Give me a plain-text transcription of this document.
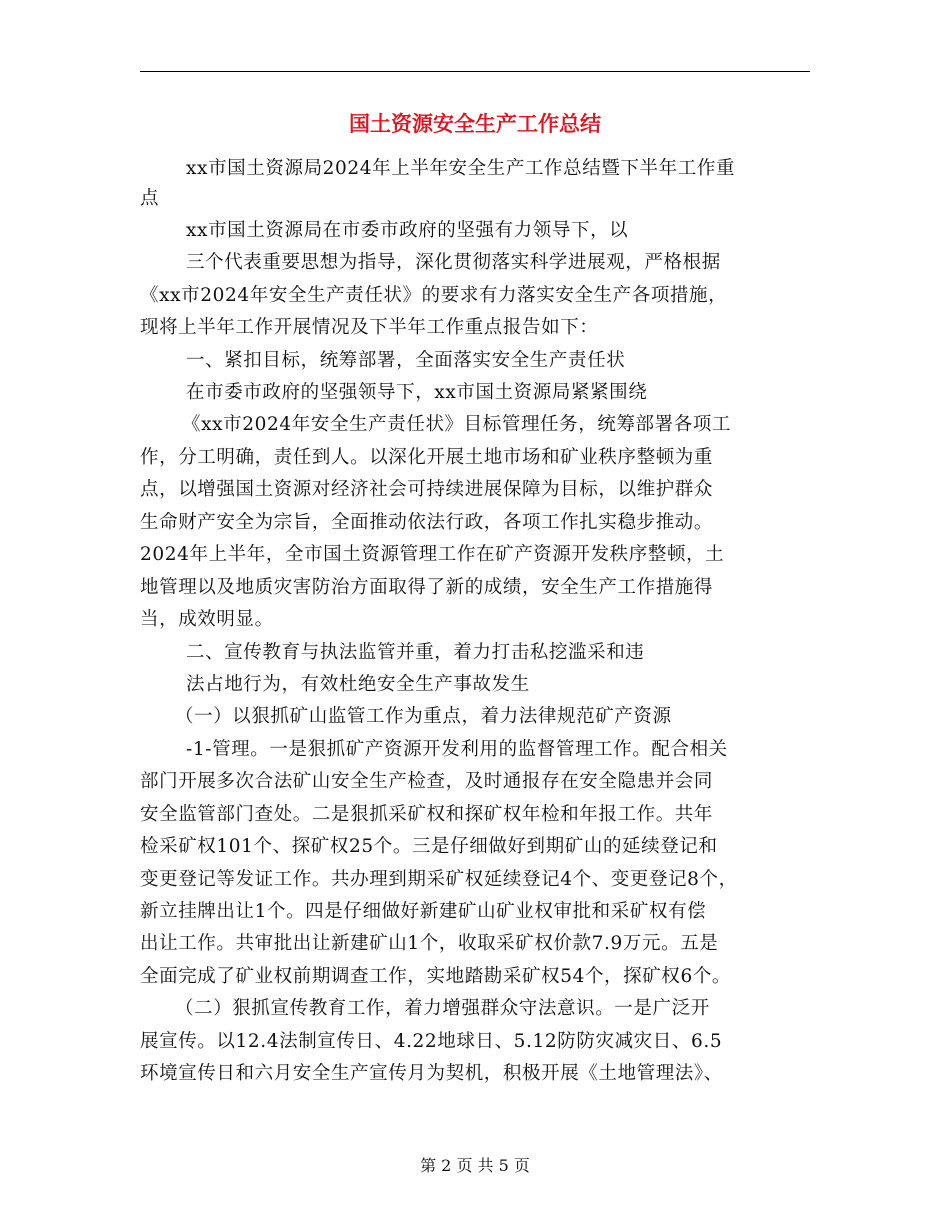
国土资源安全生产工作总结
xx市国土资源局2024年上半年安全生产工作总结暨下半年工作重
点
xx市国土资源局在市委市政府的坚强有力领导下，以
三个代表重要思想为指导，深化贯彻落实科学进展观，严格根据
《xx市2024年安全生产责任状》的要求有力落实安全生产各项措施，
现将上半年工作开展情况及下半年工作重点报告如下：
一、紧扣目标，统筹部署，全面落实安全生产责任状
在市委市政府的坚强领导下，xx市国土资源局紧紧围绕
《xx市2024年安全生产责任状》目标管理任务，统筹部署各项工
作，分工明确，责任到人。以深化开展土地市场和矿业秩序整顿为重
点，以增强国土资源对经济社会可持续进展保障为目标，以维护群众
生命财产安全为宗旨，全面推动依法行政，各项工作扎实稳步推动。
2024年上半年，全市国土资源管理工作在矿产资源开发秩序整顿，土
地管理以及地质灾害防治方面取得了新的成绩，安全生产工作措施得
当，成效明显。
二、宣传教育与执法监管并重，着力打击私挖滥采和违
法占地行为，有效杜绝安全生产事故发生
（一）以狠抓矿山监管工作为重点，着力法律规范矿产资源
-1-管理。一是狠抓矿产资源开发利用的监督管理工作。配合相关
部门开展多次合法矿山安全生产检查，及时通报存在安全隐患并会同
安全监管部门查处。二是狠抓采矿权和探矿权年检和年报工作。共年
检采矿权101个、探矿权25个。三是仔细做好到期矿山的延续登记和
变更登记等发证工作。共办理到期采矿权延续登记4个、变更登记8个，
新立挂牌出让1个。四是仔细做好新建矿山矿业权审批和采矿权有偿
出让工作。共审批出让新建矿山1个，收取采矿权价款7.9万元。五是
全面完成了矿业权前期调查工作，实地踏勘采矿权54个，探矿权6个。
（二）狠抓宣传教育工作，着力增强群众守法意识。一是广泛开
展宣传。以12.4法制宣传日、4.22地球日、5.12防防灾减灾日、6.5
环境宣传日和六月安全生产宣传月为契机，积极开展《土地管理法》、
第 2 页 共 5 页
